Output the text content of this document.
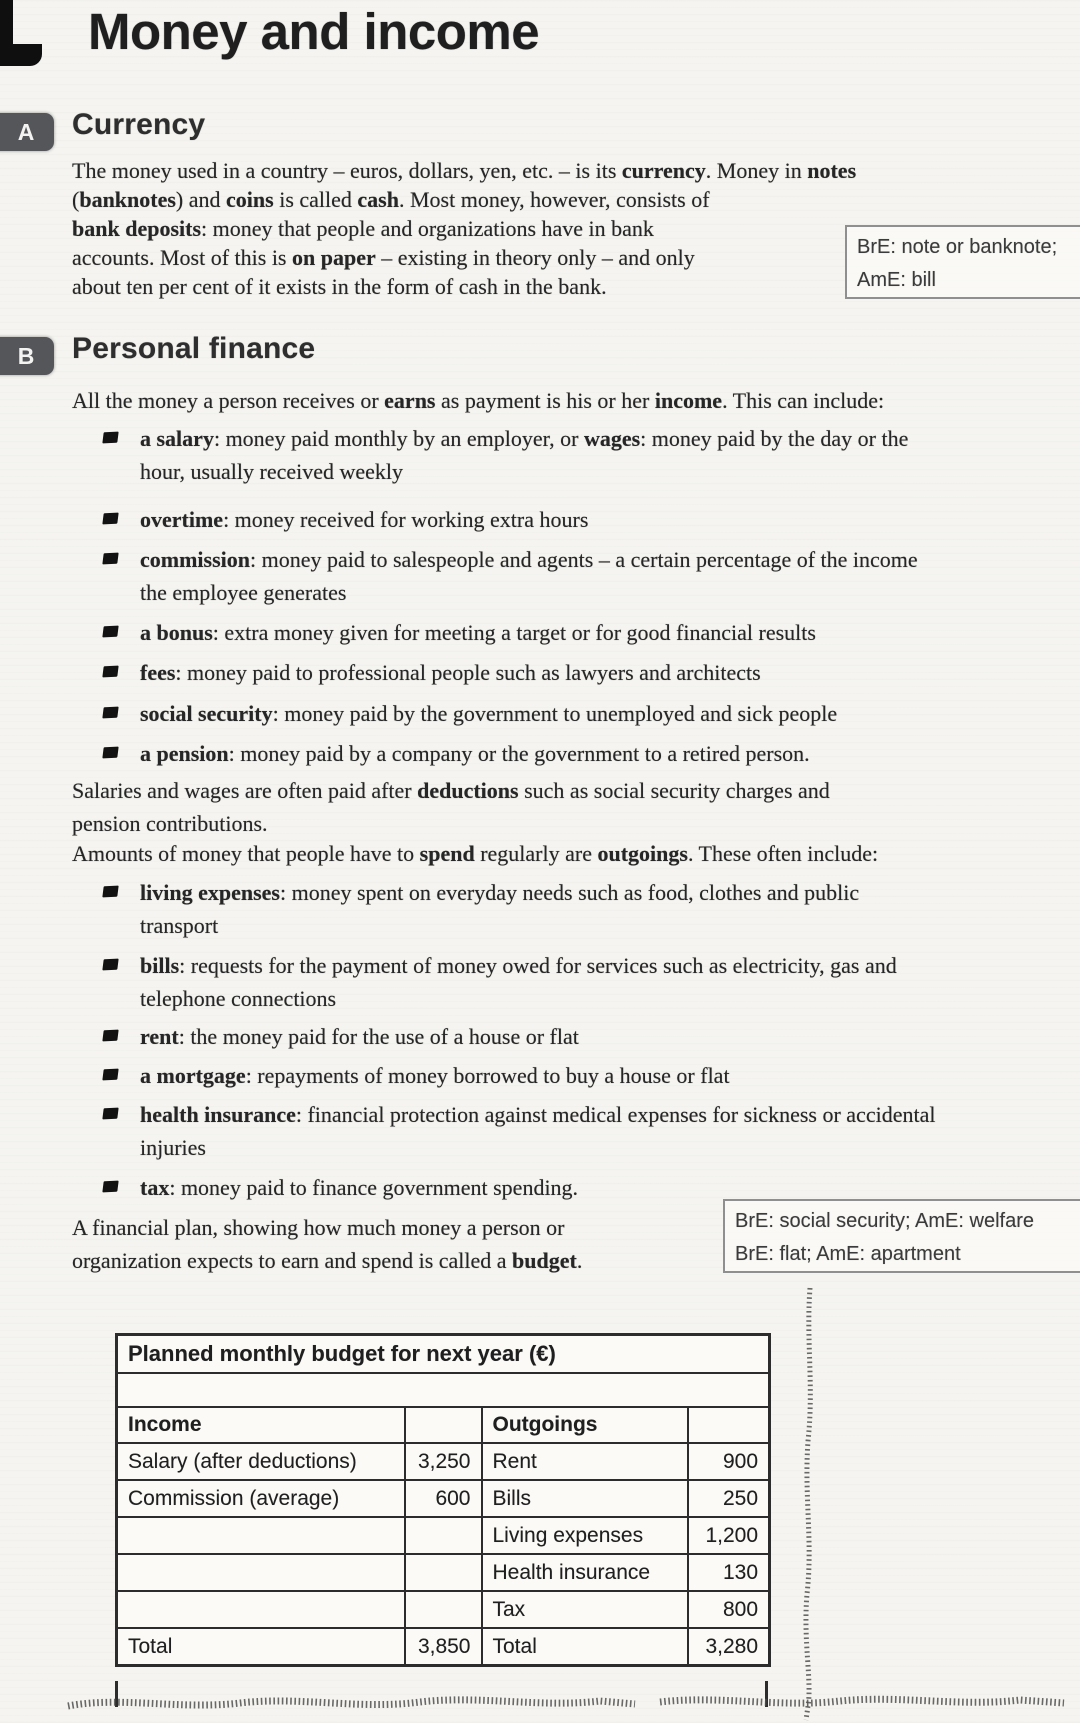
Money and income
A Currency
The money used in a country – euros, dollars, yen, etc. – is its currency. Money in notes
(banknotes) and coins is called cash. Most money, however, consists of
bank deposits: money that people and organizations have in bank
accounts. Most of this is on paper – existing in theory only – and only
about ten per cent of it exists in the form of cash in the bank.
BrE: note or banknote;
AmE: bill
B Personal finance
All the money a person receives or earns as payment is his or her income. This can include:
a salary: money paid monthly by an employer, or wages: money paid by the day or the
hour, usually received weekly
overtime: money received for working extra hours
commission: money paid to salespeople and agents – a certain percentage of the income
the employee generates
a bonus: extra money given for meeting a target or for good financial results
fees: money paid to professional people such as lawyers and architects
social security: money paid by the government to unemployed and sick people
a pension: money paid by a company or the government to a retired person.
Salaries and wages are often paid after deductions such as social security charges and
pension contributions.
Amounts of money that people have to spend regularly are outgoings. These often include:
living expenses: money spent on everyday needs such as food, clothes and public
transport
bills: requests for the payment of money owed for services such as electricity, gas and
telephone connections
rent: the money paid for the use of a house or flat
a mortgage: repayments of money borrowed to buy a house or flat
health insurance: financial protection against medical expenses for sickness or accidental
injuries
tax: money paid to finance government spending.
A financial plan, showing how much money a person or
organization expects to earn and spend is called a budget.
BrE: social security; AmE: welfare
BrE: flat; AmE: apartment
Planned monthly budget for next year (€)			

Income		Outgoings	
Salary (after deductions)	3,250	Rent	900
Commission (average)	600	Bills	250
		Living expenses	1,200
		Health insurance	130
		Tax	800
Total	3,850	Total	3,280
